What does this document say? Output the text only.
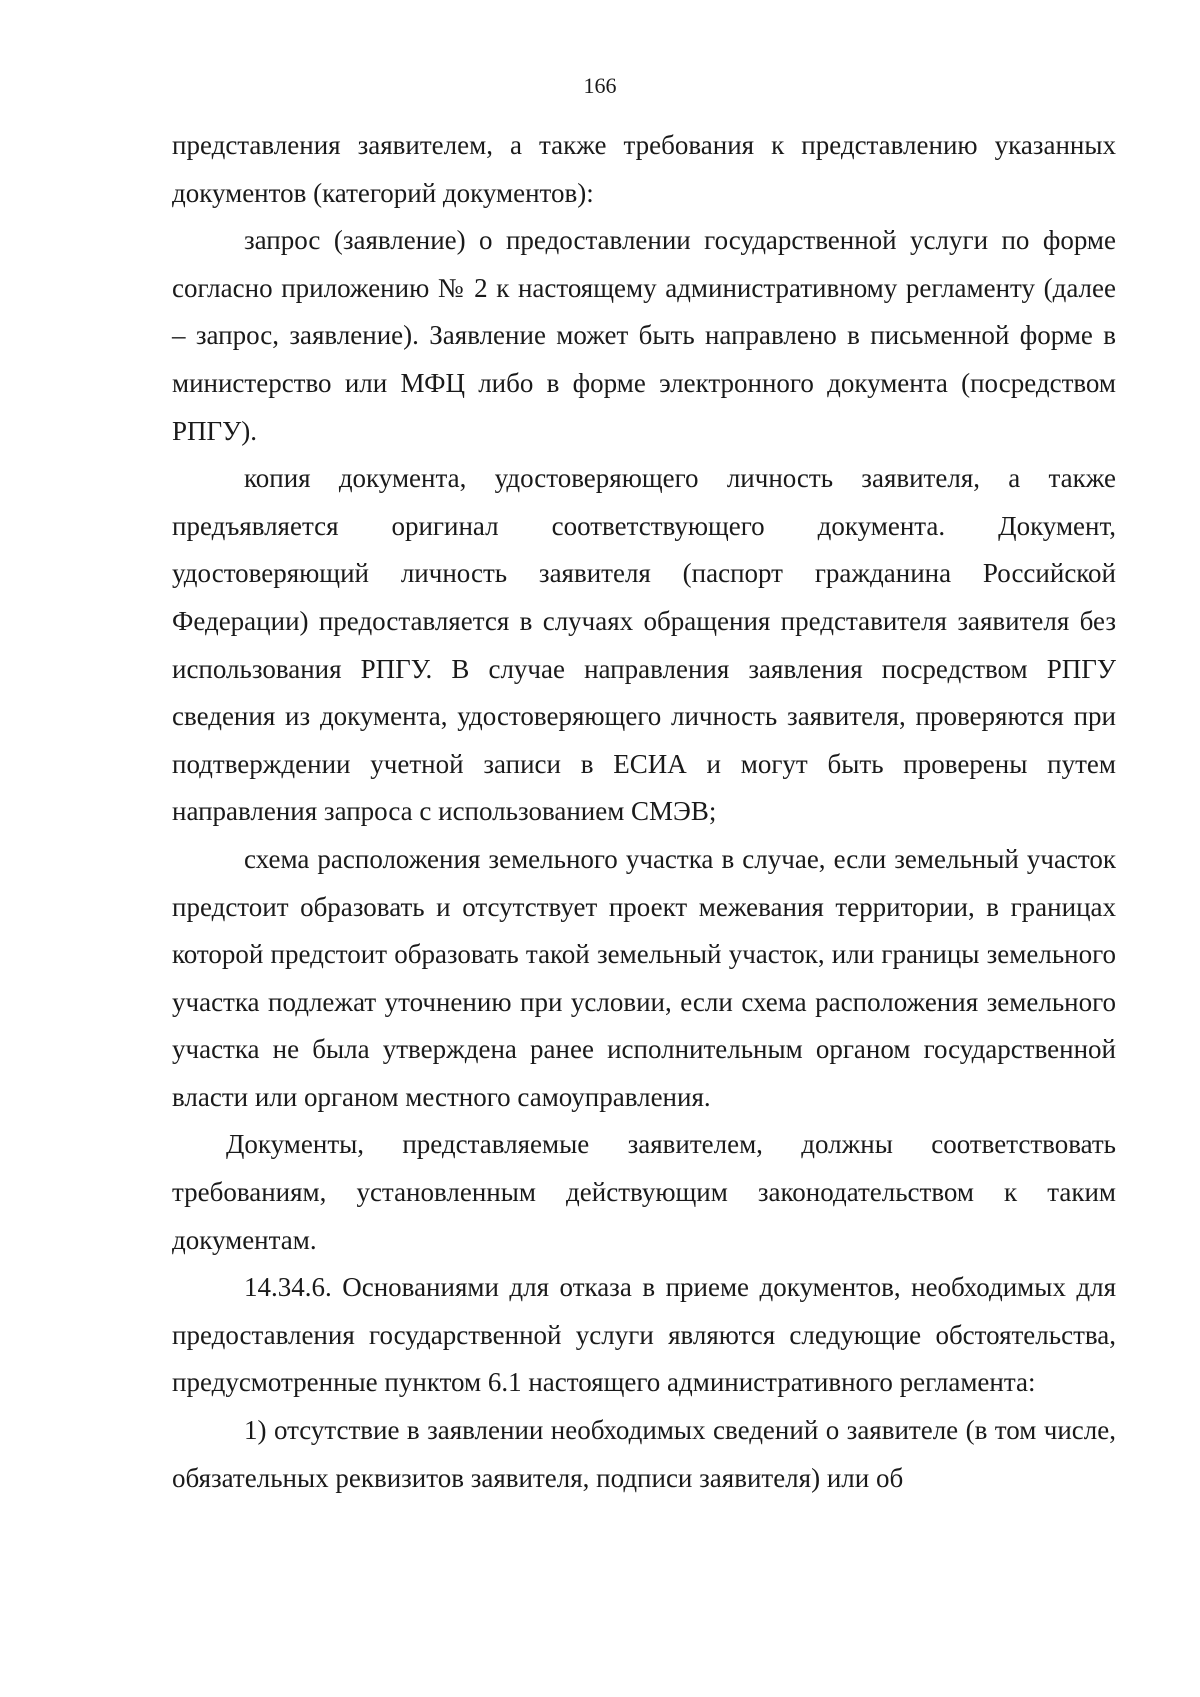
166

представления заявителем, а также требования к представлению указанных документов (категорий документов):

запрос (заявление) о предоставлении государственной услуги по форме согласно приложению № 2 к настоящему административному регламенту (далее – запрос, заявление). Заявление может быть направлено в письменной форме в министерство или МФЦ либо в форме электронного документа (посредством РПГУ).

копия документа, удостоверяющего личность заявителя, а также предъявляется оригинал соответствующего документа. Документ, удостоверяющий личность заявителя (паспорт гражданина Российской Федерации) предоставляется в случаях обращения представителя заявителя без использования РПГУ. В случае направления заявления посредством РПГУ сведения из документа, удостоверяющего личность заявителя, проверяются при подтверждении учетной записи в ЕСИА и могут быть проверены путем направления запроса с использованием СМЭВ;

схема расположения земельного участка в случае, если земельный участок предстоит образовать и отсутствует проект межевания территории, в границах которой предстоит образовать такой земельный участок, или границы земельного участка подлежат уточнению при условии, если схема расположения земельного участка не была утверждена ранее исполнительным органом государственной власти или органом местного самоуправления.

Документы, представляемые заявителем, должны соответствовать требованиям, установленным действующим законодательством к таким документам.

14.34.6. Основаниями для отказа в приеме документов, необходимых для предоставления государственной услуги являются следующие обстоятельства, предусмотренные пунктом 6.1 настоящего административного регламента:

1) отсутствие в заявлении необходимых сведений о заявителе (в том числе, обязательных реквизитов заявителя, подписи заявителя) или об
